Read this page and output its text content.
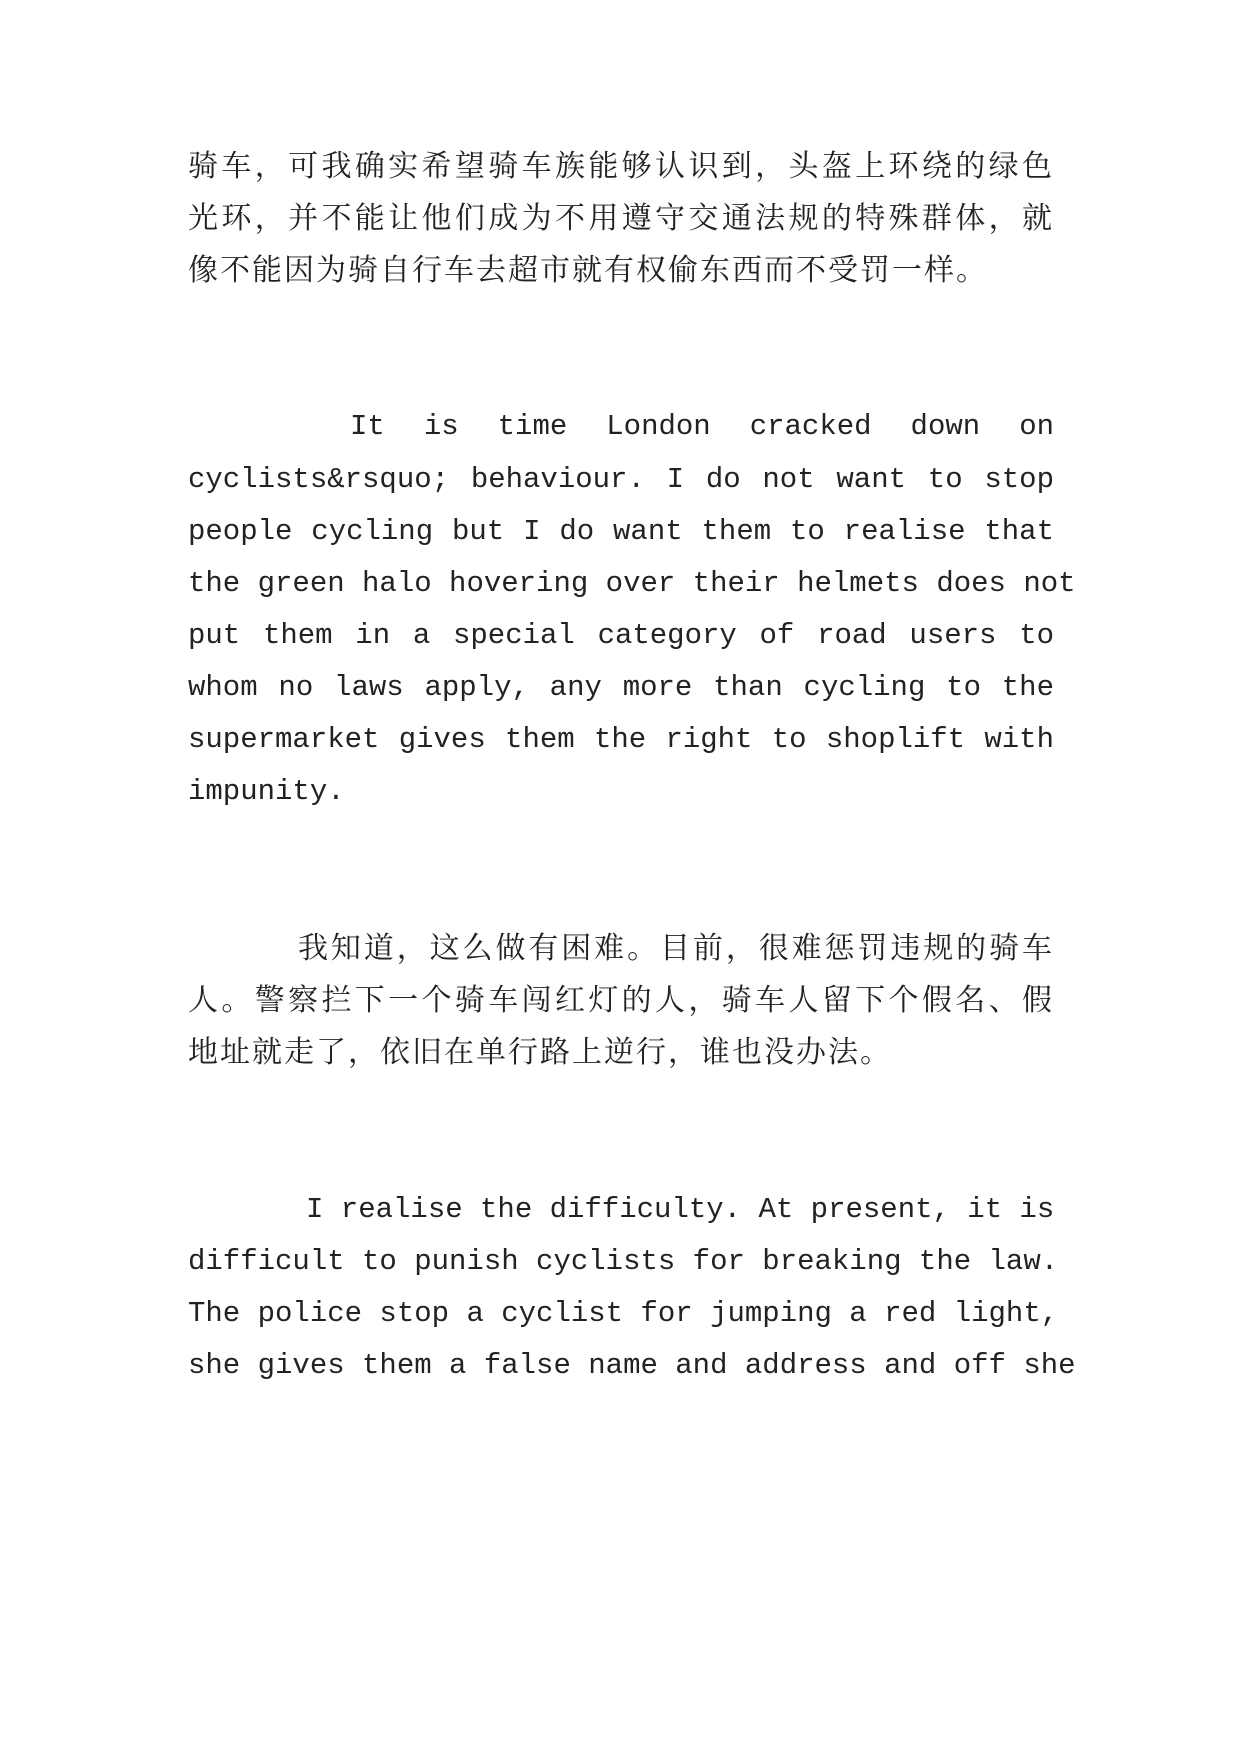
骑车，可我确实希望骑车族能够认识到，头盔上环绕的绿色

光环，并不能让他们成为不用遵守交通法规的特殊群体，就

像不能因为骑自行车去超市就有权偷东西而不受罚一样。

It is time London cracked down on

cyclists&rsquo; behaviour. I do not want to stop

people cycling but I do want them to realise that

the green halo hovering over their helmets does not

put them in a special category of road users to

whom no laws apply, any more than cycling to the

supermarket gives them the right to shoplift with

impunity.

我知道，这么做有困难。目前，很难惩罚违规的骑车

人。警察拦下一个骑车闯红灯的人，骑车人留下个假名、假

地址就走了，依旧在单行路上逆行，谁也没办法。

I realise the difficulty. At present, it is

difficult to punish cyclists for breaking the law.

The police stop a cyclist for jumping a red light,

she gives them a false name and address and off she
